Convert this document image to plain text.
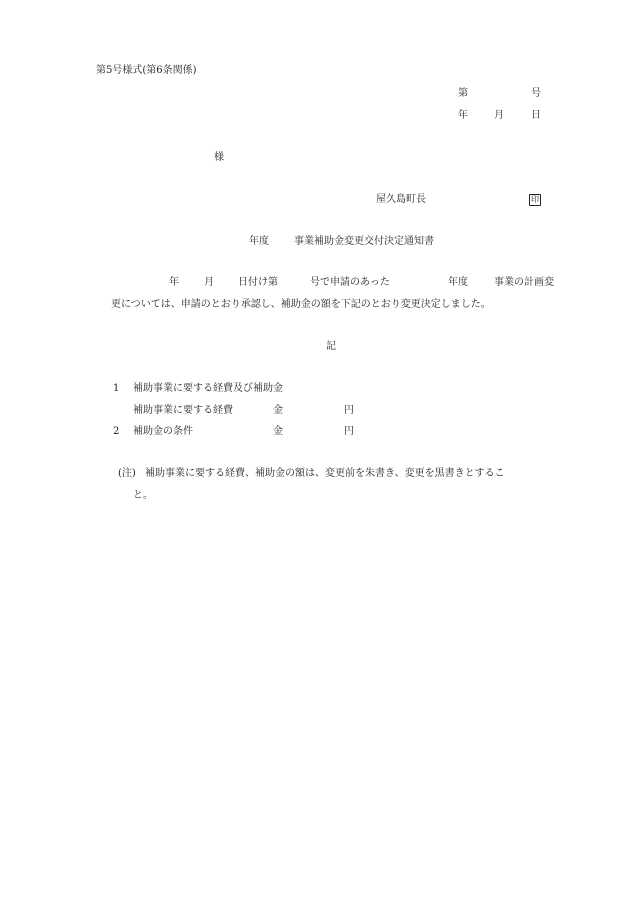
第5号様式(第6条関係)
第	号
年	月	日
様
屋久島町長	印
年度	事業補助金変更交付決定通知書
年	月 日付け第	号で申請のあった	年度	事業の計画変
更については、申請のとおり承認し、補助金の額を下記のとおり変更決定しました。
記
1 補助事業に要する経費及び補助金
補助事業に要する経費	金	円
2 補助金の条件	金	円
(注) 補助事業に要する経費、補助金の額は、変更前を朱書き、変更を黒書きとするこ
と。
